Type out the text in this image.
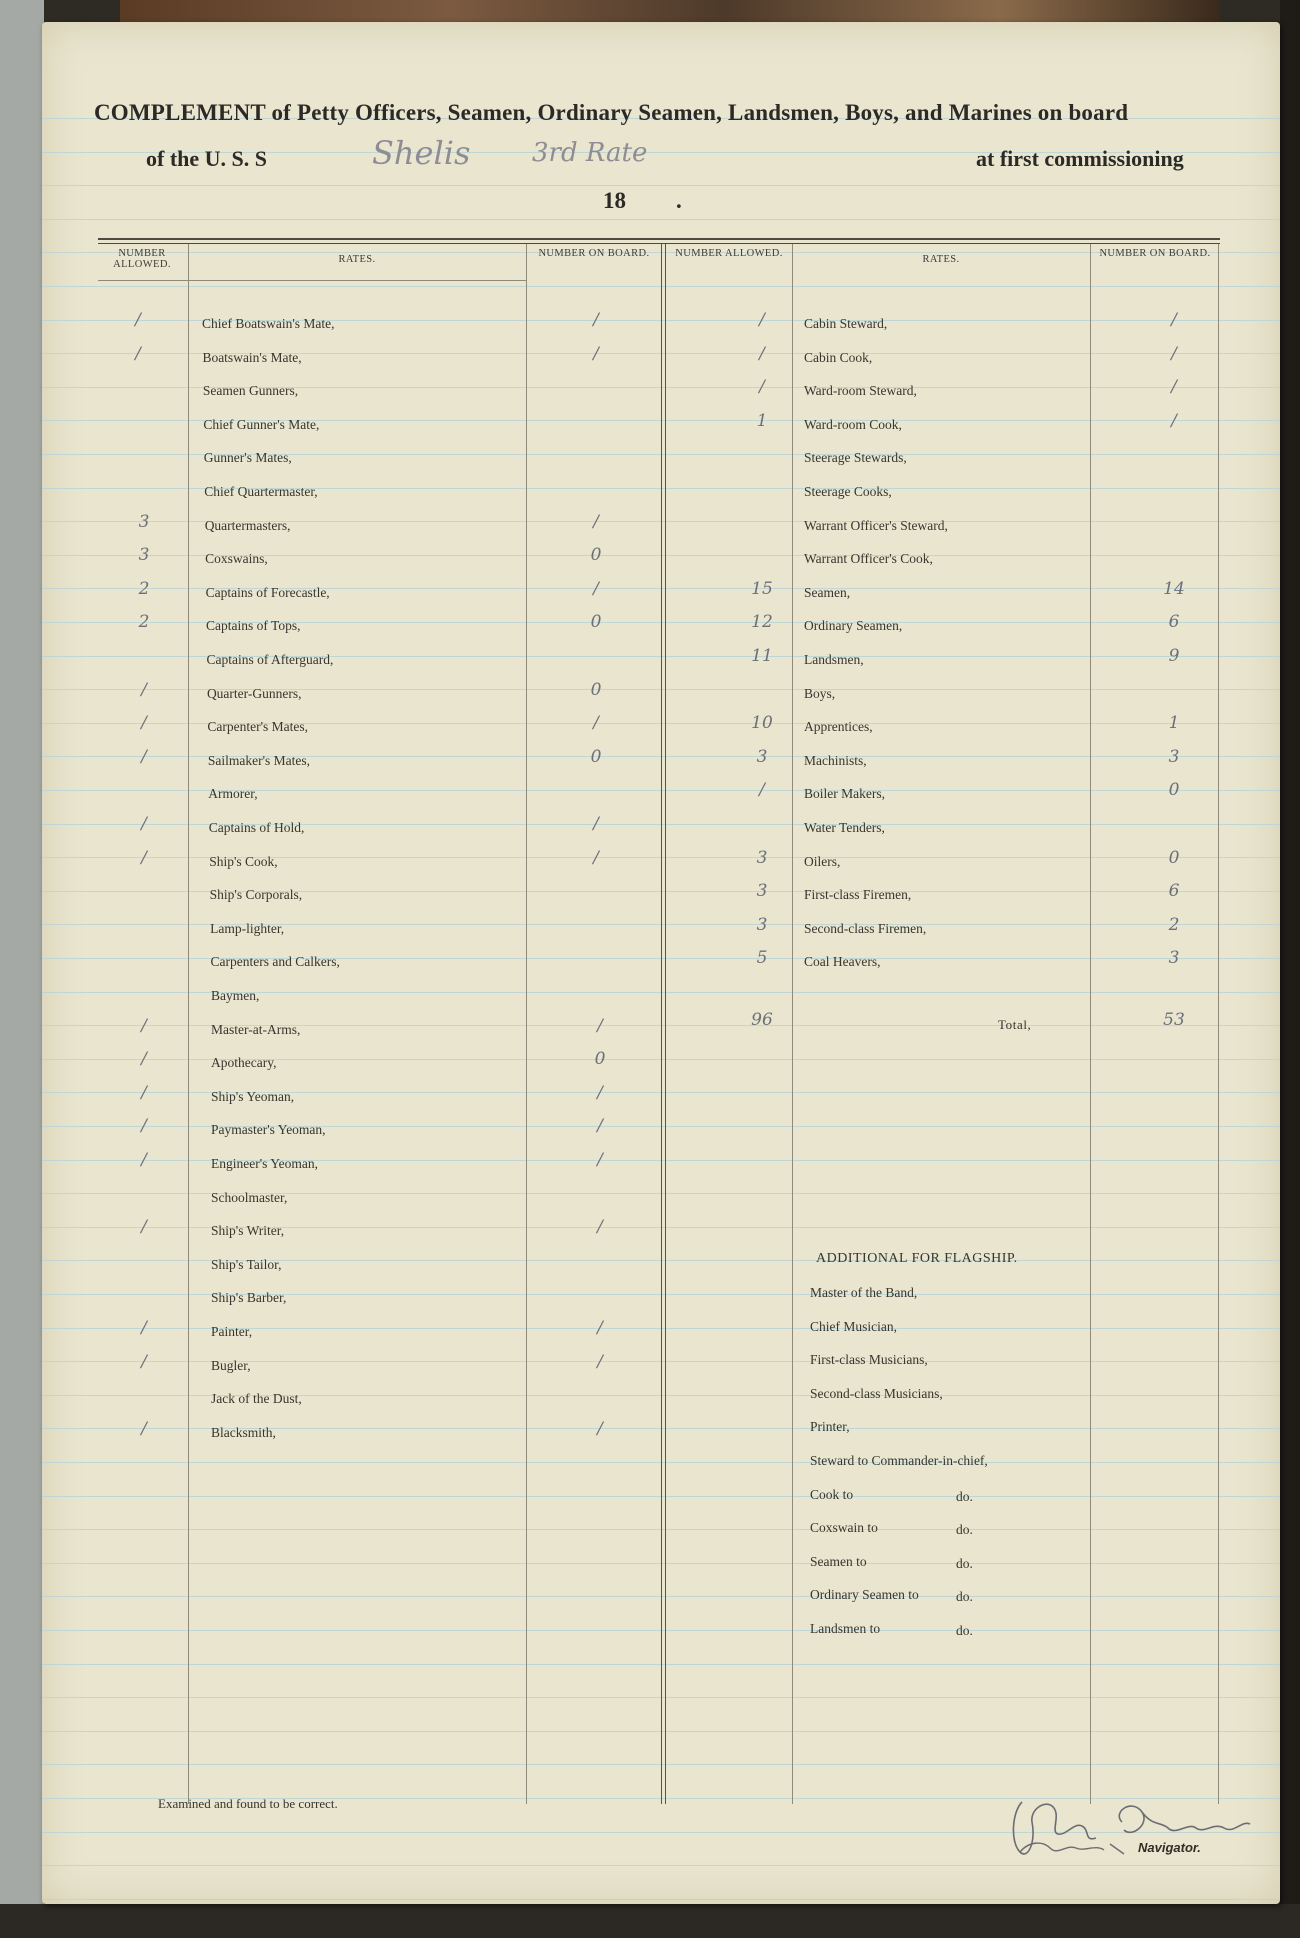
COMPLEMENT of Petty Officers, Seamen, Ordinary Seamen, Landsmen, Boys, and Marines on board
of the U. S. S	Shelis 3rd Rate	at first commissioning
18 .
NUMBER ALLOWED.	RATES.
NUMBER ON BOARD.	NUMBER ALLOWED.
RATES.
NUMBER ON BOARD.
/	Chief Boatswain's Mate,	/
/	Boatswain's Mate,	/
Seamen Gunners,
Chief Gunner's Mate,
Gunner's Mates,
Chief Quartermaster,
3	Quartermasters,	/
3	Coxswains,	0
2	Captains of Forecastle,	/
2	Captains of Tops,	0
Captains of Afterguard,
/	Quarter-Gunners,	0
/	Carpenter's Mates,	/
/	Sailmaker's Mates,	0
Armorer,
/	Captains of Hold,	/
/	Ship's Cook,	/
Ship's Corporals,
Lamp-lighter,
Carpenters and Calkers,
Baymen,
/	Master-at-Arms,	/
/	Apothecary,	0
/	Ship's Yeoman,	/
/	Paymaster's Yeoman,	/
/	Engineer's Yeoman,	/
Schoolmaster,
/	Ship's Writer,	/
Ship's Tailor,
Ship's Barber,
/	Painter,	/
/	Bugler,	/
Jack of the Dust,
/	Blacksmith,	/
/	Cabin Steward,	/
/	Cabin Cook,	/
/	Ward-room Steward,	/
1	Ward-room Cook,	/
Steerage Stewards,
Steerage Cooks,
Warrant Officer's Steward,
Warrant Officer's Cook,
15	Seamen,	14
12	Ordinary Seamen,	6
11	Landsmen,	9
Boys,
10	Apprentices,	1
3	Machinists,	3
/	Boiler Makers,	0
Water Tenders,
3	Oilers,	0
3	First-class Firemen,	6
3	Second-class Firemen,	2
5	Coal Heavers,	3
96	Total,	53
ADDITIONAL FOR FLAGSHIP.
Master of the Band,
Chief Musician,
First-class Musicians,
Second-class Musicians,
Printer,
Steward to Commander-in-chief,
Cook to	do.
Coxswain to	do.
Seamen to	do.
Ordinary Seamen to	do.
Landsmen to	do.
Examined and found to be correct.
Navigator.
